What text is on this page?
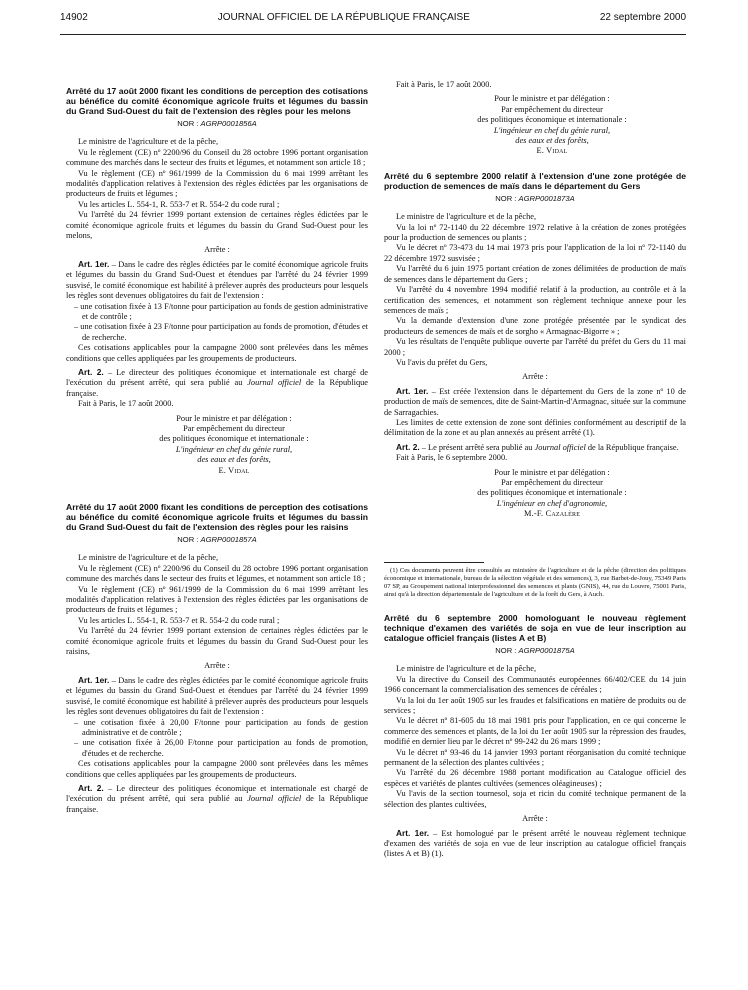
14902	JOURNAL OFFICIEL DE LA RÉPUBLIQUE FRANÇAISE	22 septembre 2000
Arrêté du 17 août 2000 fixant les conditions de perception des cotisations au bénéfice du comité économique agricole fruits et légumes du bassin du Grand Sud-Ouest du fait de l'extension des règles pour les melons
NOR : AGRP0001856A

Le ministre de l'agriculture et de la pêche,

Vu le règlement (CE) nº 2200/96 du Conseil du 28 octobre 1996 portant organisation commune des marchés dans le secteur des fruits et légumes, et notamment son article 18 ;

Vu le règlement (CE) nº 961/1999 de la Commission du 6 mai 1999 arrêtant les modalités d'application relatives à l'extension des règles édictées par les organisations de producteurs de fruits et légumes ;

Vu les articles L. 554-1, R. 553-7 et R. 554-2 du code rural ;

Vu l'arrêté du 24 février 1999 portant extension de certaines règles édictées par le comité économique agricole fruits et légumes du bassin du Grand Sud-Ouest pour les melons,

Arrête :

Art. 1er. – Dans le cadre des règles édictées par le comité économique agricole fruits et légumes du bassin du Grand Sud-Ouest et étendues par l'arrêté du 24 février 1999 susvisé, le comité économique est habilité à prélever auprès des producteurs pour lesquels les règles sont devenues obligatoires du fait de l'extension :

– une cotisation fixée à 13 F/tonne pour participation au fonds de gestion administrative et de contrôle ;

– une cotisation fixée à 23 F/tonne pour participation au fonds de promotion, d'études et de recherche.

Ces cotisations applicables pour la campagne 2000 sont prélevées dans les mêmes conditions que celles appliquées par les groupements de producteurs.

Art. 2. – Le directeur des politiques économique et internationale est chargé de l'exécution du présent arrêté, qui sera publié au Journal officiel de la République française.

Fait à Paris, le 17 août 2000.

Pour le ministre et par délégation :
Par empêchement du directeur
des politiques économique et internationale :
L'ingénieur en chef du génie rural,
des eaux et des forêts,
E. Vidal
Arrêté du 17 août 2000 fixant les conditions de perception des cotisations au bénéfice du comité économique agricole fruits et légumes du bassin du Grand Sud-Ouest du fait de l'extension des règles pour les raisins
NOR : AGRP0001857A

Le ministre de l'agriculture et de la pêche,

Vu le règlement (CE) nº 2200/96 du Conseil du 28 octobre 1996 portant organisation commune des marchés dans le secteur des fruits et légumes, et notamment son article 18 ;

Vu le règlement (CE) nº 961/1999 de la Commission du 6 mai 1999 arrêtant les modalités d'application relatives à l'extension des règles édictées par les organisations de producteurs de fruits et légumes ;

Vu les articles L. 554-1, R. 553-7 et R. 554-2 du code rural ;

Vu l'arrêté du 24 février 1999 portant extension de certaines règles édictées par le comité économique agricole fruits et légumes du bassin du Grand Sud-Ouest pour les raisins,

Arrête :

Art. 1er. – Dans le cadre des règles édictées par le comité économique agricole fruits et légumes du bassin du Grand Sud-Ouest et étendues par l'arrêté du 24 février 1999 susvisé, le comité économique est habilité à prélever auprès des producteurs pour lesquels les règles sont devenues obligatoires du fait de l'extension :

– une cotisation fixée à 20,00 F/tonne pour participation au fonds de gestion administrative et de contrôle ;

– une cotisation fixée à 26,00 F/tonne pour participation au fonds de promotion, d'études et de recherche.

Ces cotisations applicables pour la campagne 2000 sont prélevées dans les mêmes conditions que celles appliquées par les groupements de producteurs.

Art. 2. – Le directeur des politiques économique et internationale est chargé de l'exécution du présent arrêté, qui sera publié au Journal officiel de la République française.

Fait à Paris, le 17 août 2000.

Pour le ministre et par délégation :
Par empêchement du directeur
des politiques économique et internationale :
L'ingénieur en chef du génie rural,
des eaux et des forêts,
E. Vidal
Arrêté du 6 septembre 2000 relatif à l'extension d'une zone protégée de production de semences de maïs dans le département du Gers
NOR : AGRP0001873A

Le ministre de l'agriculture et de la pêche,

Vu la loi nº 72-1140 du 22 décembre 1972 relative à la création de zones protégées pour la production de semences ou plants ;

Vu le décret nº 73-473 du 14 mai 1973 pris pour l'application de la loi nº 72-1140 du 22 décembre 1972 susvisée ;

Vu l'arrêté du 6 juin 1975 portant création de zones délimitées de production de maïs de semences dans le département du Gers ;

Vu l'arrêté du 4 novembre 1994 modifié relatif à la production, au contrôle et à la certification des semences, et notamment son règlement technique annexe pour les semences de maïs ;

Vu la demande d'extension d'une zone protégée présentée par le syndicat des producteurs de semences de maïs et de sorgho « Armagnac-Bigorre » ;

Vu les résultats de l'enquête publique ouverte par l'arrêté du préfet du Gers du 11 mai 2000 ;

Vu l'avis du préfet du Gers,

Arrête :

Art. 1er. – Est créée l'extension dans le département du Gers de la zone nº 10 de production de maïs de semences, dite de Saint-Martin-d'Armagnac, située sur la commune de Sarragachies.

Les limites de cette extension de zone sont définies conformément au descriptif de la délimitation de la zone et au plan annexés au présent arrêté (1).

Art. 2. – Le présent arrêté sera publié au Journal officiel de la République française.

Fait à Paris, le 6 septembre 2000.

Pour le ministre et par délégation :
Par empêchement du directeur
des politiques économique et internationale :
L'ingénieur en chef d'agronomie,
M.-F. Cazalère

(1) Ces documents peuvent être consultés au ministère de l'agriculture et de la pêche (direction des politiques économique et internationale, bureau de la sélection végétale et des semences), 3, rue Barbet-de-Jouy, 75349 Paris 07 SP, au Groupement national interprofessionnel des semences et plants (GNIS), 44, rue du Louvre, 75001 Paris, ainsi qu'à la direction départementale de l'agriculture et de la forêt du Gers, à Auch.

Arrêté du 6 septembre 2000 homologuant le nouveau règlement technique d'examen des variétés de soja en vue de leur inscription au catalogue officiel français (listes A et B)
NOR : AGRP0001875A

Le ministre de l'agriculture et de la pêche,

Vu la directive du Conseil des Communautés européennes 66/402/CEE du 14 juin 1966 concernant la commercialisation des semences de céréales ;

Vu la loi du 1er août 1905 sur les fraudes et falsifications en matière de produits ou de services ;

Vu le décret nº 81-605 du 18 mai 1981 pris pour l'application, en ce qui concerne le commerce des semences et plants, de la loi du 1er août 1905 sur la répression des fraudes, modifié en dernier lieu par le décret nº 99-242 du 26 mars 1999 ;

Vu le décret nº 93-46 du 14 janvier 1993 portant réorganisation du comité technique permanent de la sélection des plantes cultivées ;

Vu l'arrêté du 26 décembre 1988 portant modification au Catalogue officiel des espèces et variétés de plantes cultivées (semences oléagineuses) ;

Vu l'avis de la section tournesol, soja et ricin du comité technique permanent de la sélection des plantes cultivées,

Arrête :

Art. 1er. – Est homologué par le présent arrêté le nouveau règlement technique d'examen des variétés de soja en vue de leur inscription au catalogue officiel français (listes A et B) (1).
